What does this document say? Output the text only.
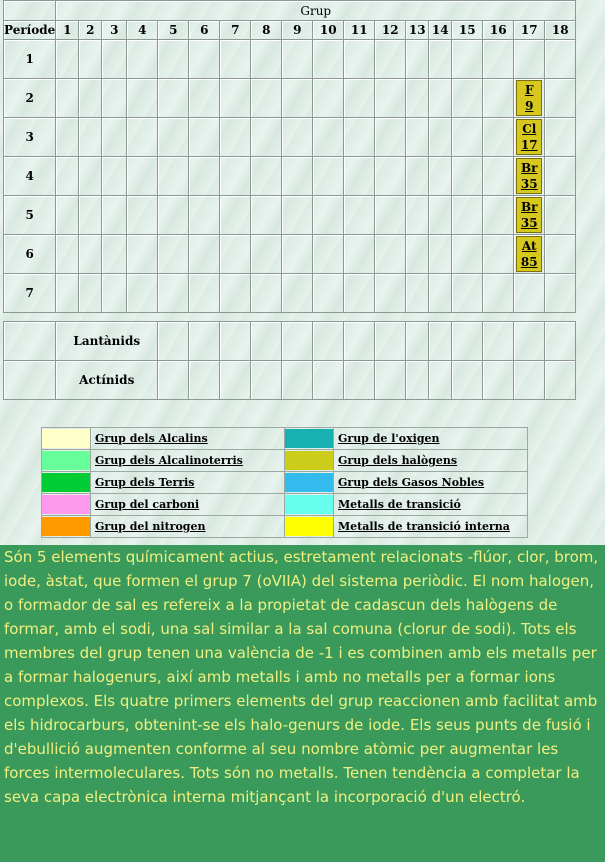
	Grup																	
Període	1	2	3	4	5	6	7	8	9	10	11	12	13	14	15	16	17	18
1																		
2																	$\frac{F}{9}$

3																	$\frac{Cl}{17}$

4																	$\frac{Br}{35}$

5																	$\frac{Br}{35}$

6																	$\frac{At}{85}$

7																		

	Lantànids																	
	Actínids																	
	Grup dels Alcalins		Grup de l'oxigen

	Grup dels Alcalinoterris		Grup dels halògens

	Grup dels Terris		Grup dels Gasos Nobles

	Grup del carboni		Metalls de transició

	Grup del nitrogen		Metalls de transició interna

Són 5 elements químicament actius, estretament relacionats -flúor, clor, brom, iode, àstat, que formen el grup 7 (oVIIA) del sistema periòdic. El nom halogen, o formador de sal es refereix a la propietat de cadascun dels halògens de formar, amb el sodi, una sal similar a la sal comuna (clorur de sodi). Tots els membres del grup tenen una valència de -1 i es combinen amb els metalls per a formar halogenurs, així amb metalls i amb no metalls per a formar ions complexos. Els quatre primers elements del grup reaccionen amb facilitat amb els hidrocarburs, obtenint-se els halo-genurs de iode. Els seus punts de fusió i d'ebullició augmenten conforme al seu nombre atòmic per augmentar les forces intermoleculares. Tots són no metalls. Tenen tendència a completar la seva capa electrònica interna mitjançant la incorporació d'un electró.
